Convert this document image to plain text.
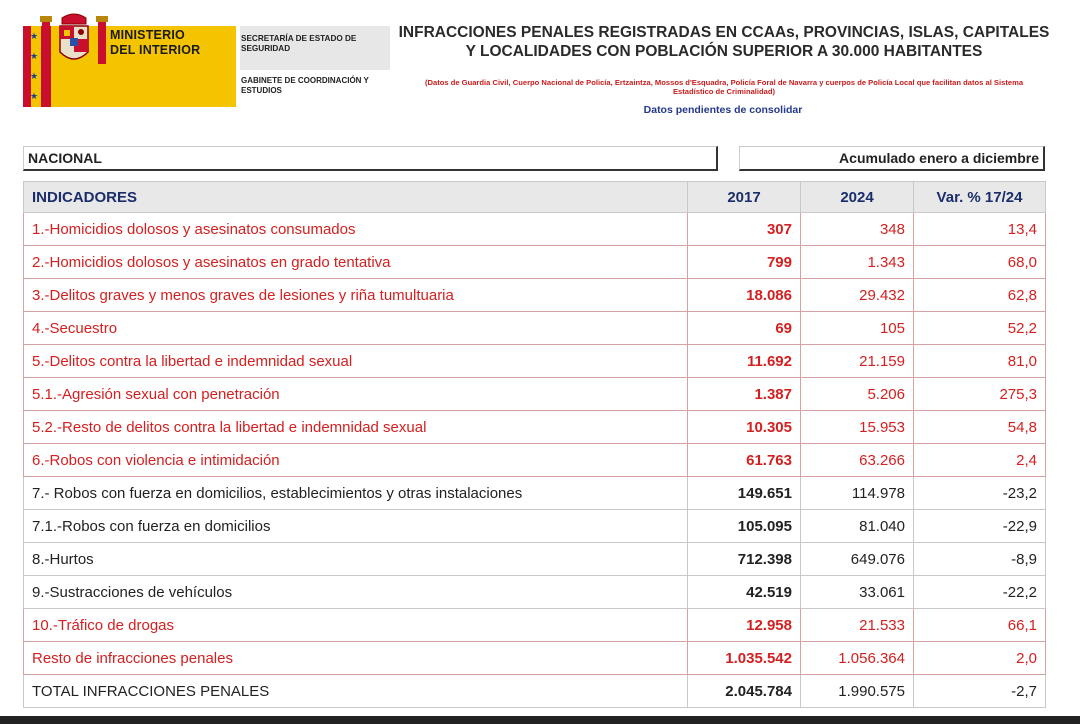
★
★
★
★
MINISTERIO
DEL INTERIOR
SECRETARÍA DE ESTADO DE SEGURIDAD
GABINETE DE COORDINACIÓN Y ESTUDIOS
INFRACCIONES PENALES REGISTRADAS EN CCAAs, PROVINCIAS, ISLAS, CAPITALES Y LOCALIDADES CON POBLACIÓN SUPERIOR A 30.000 HABITANTES
(Datos de Guardia Civil, Cuerpo Nacional de Policía, Ertzaintza, Mossos d'Esquadra, Policía Foral de Navarra y cuerpos de Policía Local que facilitan datos al Sistema Estadístico de Criminalidad)
Datos pendientes de consolidar
NACIONAL	Acumulado enero a diciembre
INDICADORES	2017	2024	Var. % 17/24
1.-Homicidios dolosos y asesinatos consumados	307	348	13,4
2.-Homicidios dolosos y asesinatos en grado tentativa	799	1.343	68,0
3.-Delitos graves y menos graves de lesiones y riña tumultuaria	18.086	29.432	62,8
4.-Secuestro	69	105	52,2
5.-Delitos contra la libertad e indemnidad sexual	11.692	21.159	81,0
5.1.-Agresión sexual con penetración	1.387	5.206	275,3
5.2.-Resto de delitos contra la libertad e indemnidad sexual	10.305	15.953	54,8
6.-Robos con violencia e intimidación	61.763	63.266	2,4
7.- Robos con fuerza en domicilios, establecimientos y otras instalaciones	149.651	114.978	-23,2
7.1.-Robos con fuerza en domicilios	105.095	81.040	-22,9
8.-Hurtos	712.398	649.076	-8,9
9.-Sustracciones de vehículos	42.519	33.061	-22,2
10.-Tráfico de drogas	12.958	21.533	66,1
Resto de infracciones penales	1.035.542	1.056.364	2,0
TOTAL INFRACCIONES PENALES	2.045.784	1.990.575	-2,7
